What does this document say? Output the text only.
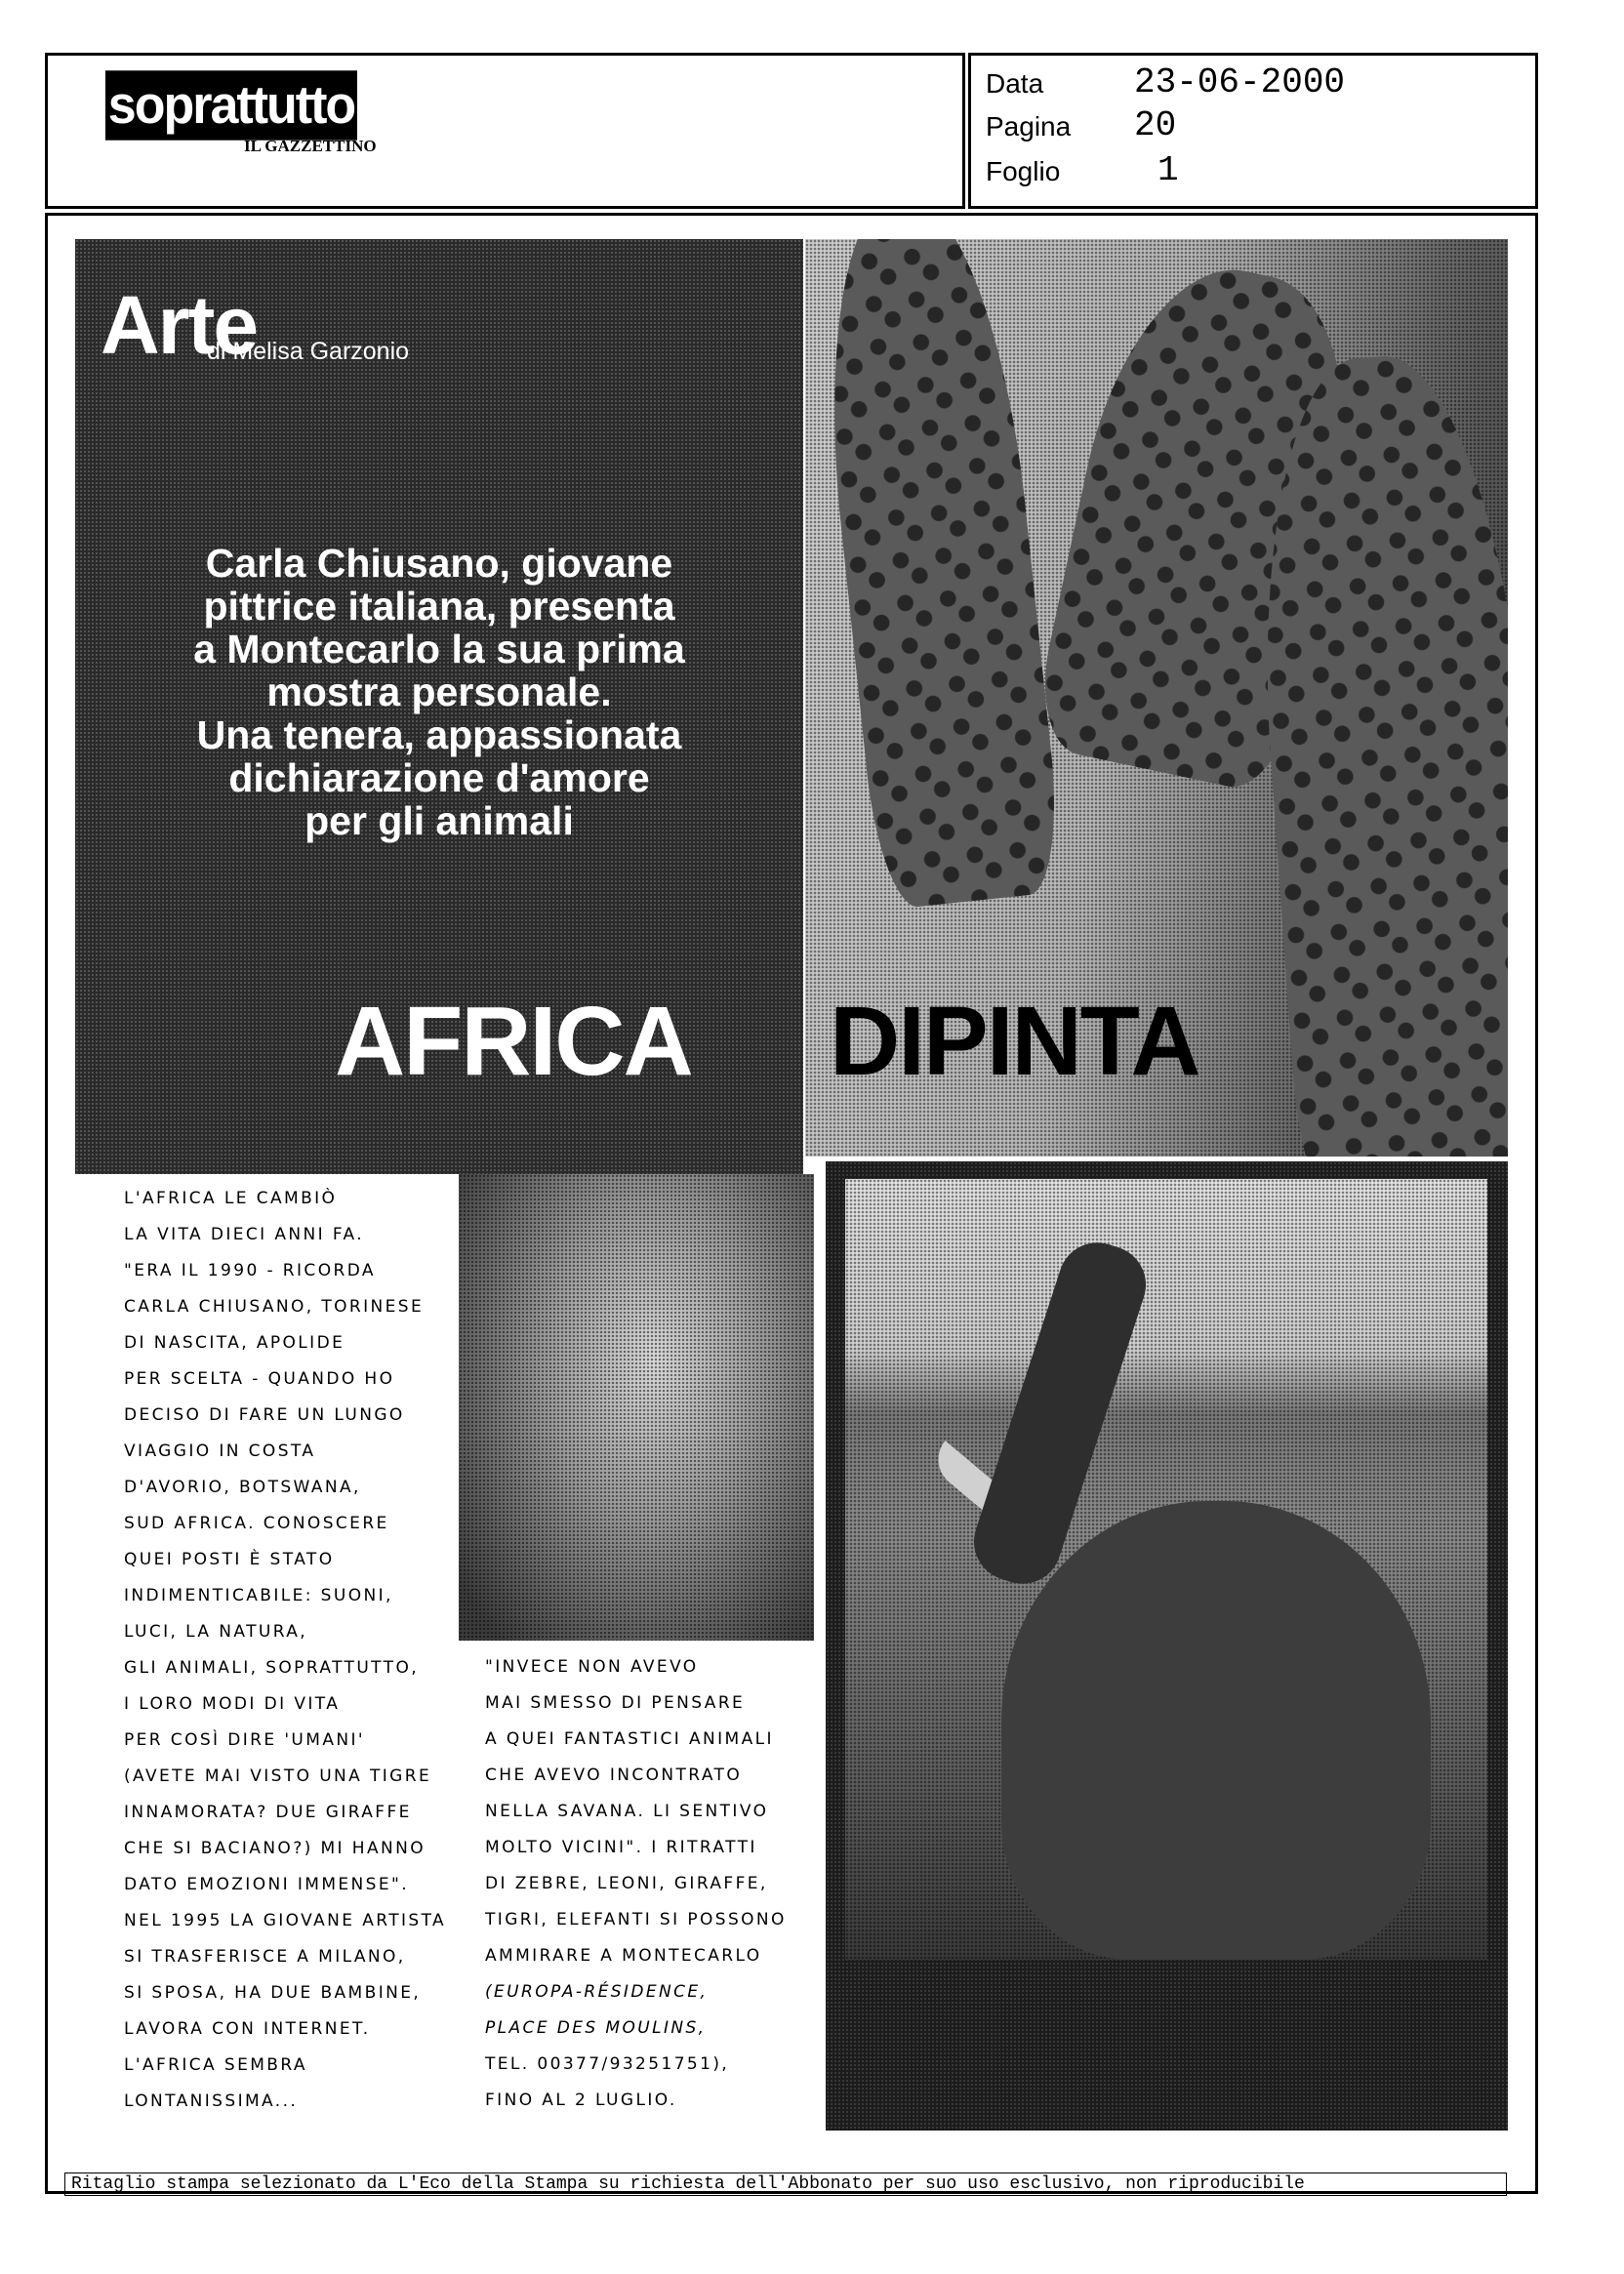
soprattutto
IL GAZZETTINO
Data	23-06-2000
Pagina 20
Foglio	1
Arte
di Melisa Garzonio
Carla Chiusano, giovane
pittrice italiana, presenta
a Montecarlo la sua prima
mostra personale.
Una tenera, appassionata
dichiarazione d'amore
per gli animali
AFRICA DIPINTA
L'AFRICA LE CAMBIÒ
LA VITA DIECI ANNI FA.
"ERA IL 1990 - RICORDA
CARLA CHIUSANO, TORINESE
DI NASCITA, APOLIDE
PER SCELTA - QUANDO HO
DECISO DI FARE UN LUNGO
VIAGGIO IN COSTA
D'AVORIO, BOTSWANA,
SUD AFRICA. CONOSCERE
QUEI POSTI È STATO
INDIMENTICABILE: SUONI,
LUCI, LA NATURA,
GLI ANIMALI, SOPRATTUTTO,
I LORO MODI DI VITA
PER COSÌ DIRE 'UMANI'
(AVETE MAI VISTO UNA TIGRE
INNAMORATA? DUE GIRAFFE
CHE SI BACIANO?) MI HANNO
DATO EMOZIONI IMMENSE".
NEL 1995 LA GIOVANE ARTISTA
SI TRASFERISCE A MILANO,
SI SPOSA, HA DUE BAMBINE,
LAVORA CON INTERNET.
L'AFRICA SEMBRA
LONTANISSIMA...
"INVECE NON AVEVO
MAI SMESSO DI PENSARE
A QUEI FANTASTICI ANIMALI
CHE AVEVO INCONTRATO
NELLA SAVANA. LI SENTIVO
MOLTO VICINI". I RITRATTI
DI ZEBRE, LEONI, GIRAFFE,
TIGRI, ELEFANTI SI POSSONO
AMMIRARE A MONTECARLO
(EUROPA-RÉSIDENCE,
PLACE DES MOULINS,
TEL. 00377/93251751),
FINO AL 2 LUGLIO.
Ritaglio stampa selezionato da L'Eco della Stampa su richiesta dell'Abbonato per suo uso esclusivo, non riproducibile
